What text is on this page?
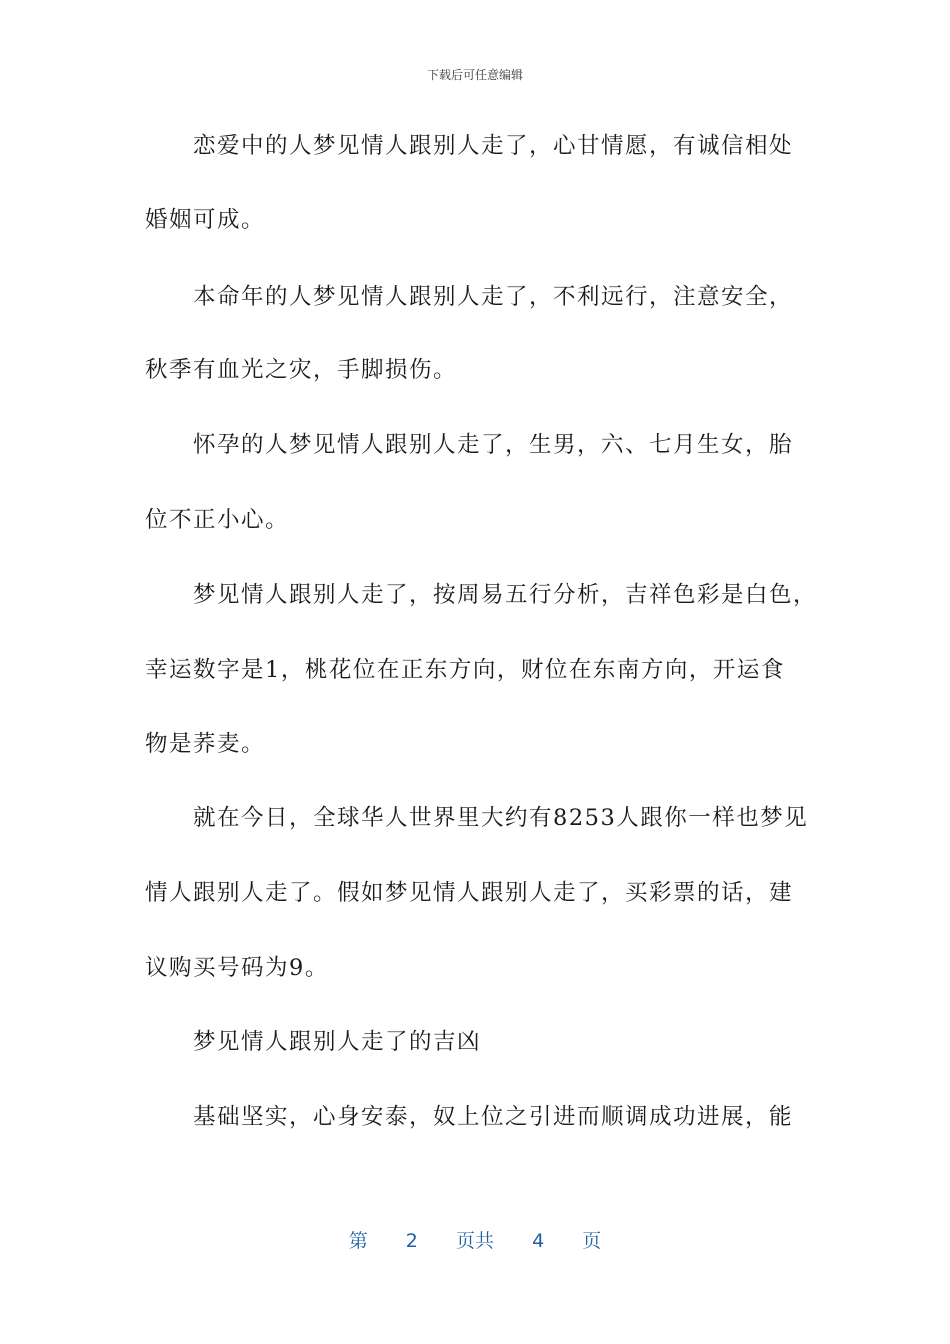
下载后可任意编辑
恋爱中的人梦见情人跟别人走了，心甘情愿，有诚信相处
婚姻可成。
本命年的人梦见情人跟别人走了，不利远行，注意安全，
秋季有血光之灾，手脚损伤。
怀孕的人梦见情人跟别人走了，生男，六、七月生女，胎
位不正小心。
梦见情人跟别人走了，按周易五行分析，吉祥色彩是白色，
幸运数字是1，桃花位在正东方向，财位在东南方向，开运食
物是荞麦。
就在今日，全球华人世界里大约有8253人跟你一样也梦见
情人跟别人走了。假如梦见情人跟别人走了，买彩票的话，建
议购买号码为9。
梦见情人跟别人走了的吉凶
基础坚实，心身安泰，奴上位之引进而顺调成功进展，能
第 2 页共 4 页
